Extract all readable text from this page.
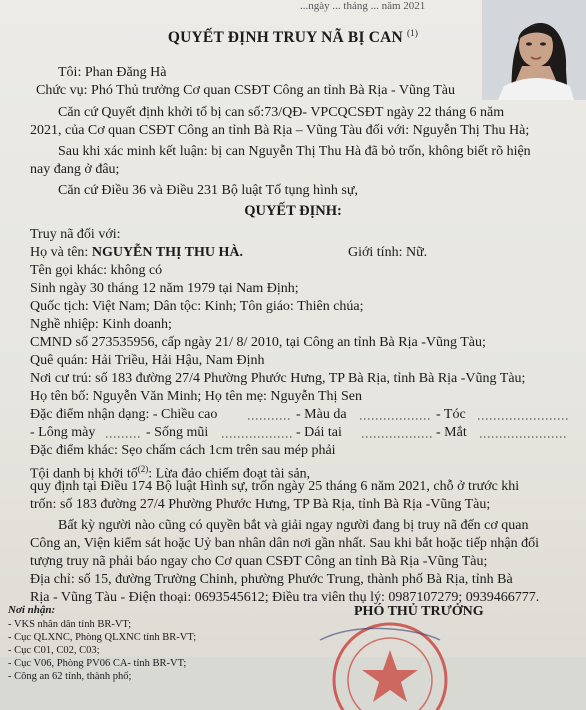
...ngày ... tháng ... năm 2021
QUYẾT ĐỊNH TRUY NÃ BỊ CAN $^{(1)}$
Tôi: Phan Đăng Hà
Chức vụ: Phó Thủ trưởng Cơ quan CSĐT Công an tỉnh Bà Rịa - Vũng Tàu
Căn cứ Quyết định khởi tố bị can số:73/QĐ- VPCQCSĐT ngày 22 tháng 6 năm
2021, của Cơ quan CSĐT Công an tỉnh Bà Rịa – Vũng Tàu đối với: Nguyễn Thị Thu Hà;
Sau khi xác minh kết luận: bị can Nguyễn Thị Thu Hà đã bỏ trốn, không biết rõ hiện
nay đang ở đâu;
Căn cứ Điều 36 và Điều 231 Bộ luật Tố tụng hình sự,
QUYẾT ĐỊNH:
Truy nã đối với:
Họ và tên: NGUYỄN THỊ THU HÀ.	Giới tính: Nữ.
Tên gọi khác: không có
Sinh ngày 30 tháng 12 năm 1979 tại Nam Định;
Quốc tịch: Việt Nam; Dân tộc: Kinh; Tôn giáo: Thiên chúa;
Nghề nhiệp: Kinh doanh;
CMND số 273535956, cấp ngày 21/ 8/ 2010, tại Công an tỉnh Bà Rịa -Vũng Tàu;
Quê quán: Hải Triều, Hải Hậu, Nam Định
Nơi cư trú: số 183 đường 27/4 Phường Phước Hưng, TP Bà Rịa, tỉnh Bà Rịa -Vũng Tàu;
Họ tên bố: Nguyễn Văn Minh; Họ tên mẹ: Nguyễn Thị Sen
Đặc điểm nhận dạng: - Chiều cao	- Màu da	- Tóc
- Lông mày	- Sống mũi	- Dái tai	- Mắt
Đặc điểm khác: Sẹo chấm cách 1cm trên sau mép phải
Tội danh bị khởi tố$^{(2)}$: Lừa đảo chiếm đoạt tài sản,
quy định tại Điều 174 Bộ luật Hình sự, trốn ngày 25 tháng 6 năm 2021, chỗ ở trước khi
trốn: số 183 đường 27/4 Phường Phước Hưng, TP Bà Rịa, tỉnh Bà Rịa -Vũng Tàu;
Bất kỳ người nào cũng có quyền bắt và giải ngay người đang bị truy nã đến cơ quan
Công an, Viện kiểm sát hoặc Uỷ ban nhân dân nơi gần nhất. Sau khi bắt hoặc tiếp nhận đối
tượng truy nã phải báo ngay cho Cơ quan CSĐT Công an tỉnh Bà Rịa -Vũng Tàu;
Địa chỉ: số 15, đường Trường Chinh, phường Phước Trung, thành phố Bà Rịa, tỉnh Bà
Rịa - Vũng Tàu - Điện thoại: 0693545612; Điều tra viên thụ lý: 0987107279; 0939466777.
Nơi nhận:
- VKS nhân dân tỉnh BR-VT;
- Cục QLXNC, Phòng QLXNC tỉnh BR-VT;
- Cục C01, C02, C03;
- Cục V06, Phòng PV06 CA- tỉnh BR-VT;
- Công an 62 tỉnh, thành phố;
PHÓ THỦ TRƯỞNG
